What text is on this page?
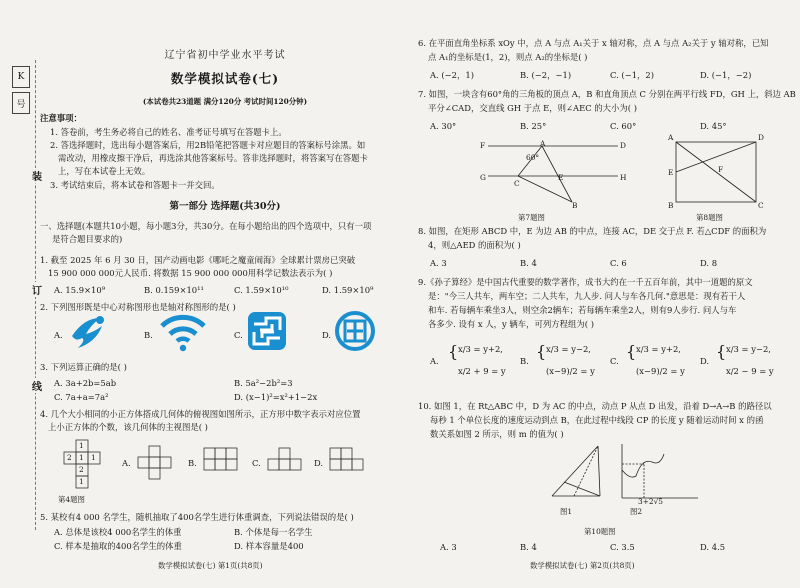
K
号
装
订
线
辽宁省初中学业水平考试
数学模拟试卷(七)
(本试卷共23道题 满分120分 考试时间120分钟)
注意事项：
1. 答卷前，考生务必将自己的姓名、准考证号填写在答题卡上。
2. 答选择题时，选出每小题答案后，用2B铅笔把答题卡对应题目的答案标号涂黑。如
需改动，用橡皮擦干净后，再选涂其他答案标号。答非选择题时，将答案写在答题卡
上，写在本试卷上无效。
3. 考试结束后，将本试卷和答题卡一并交回。
第一部分 选择题(共30分)
一、选择题(本题共10小题，每小题3分，共30分。在每小题给出的四个选项中，只有一项
是符合题目要求的)
1. 截至 2025 年 6 月 30 日，国产动画电影《哪吒之魔童闹海》全球累计票房已突破
15 900 000 000元人民币. 将数据 15 900 000 000用科学记数法表示为( )
A. 15.9×10⁹	B. 0.159×10¹¹	C. 1.59×10¹⁰	D. 1.59×10⁹
2. 下列图形既是中心对称图形也是轴对称图形的是( )
A.	B.	C.	D.
3. 下列运算正确的是( )
A. 3a+2b=5ab	B. 5a²−2b²=3
C. 7a+a=7a²	D. (x−1)²=x²+1−2x
4. 几个大小相同的小正方体搭成几何体的俯视图如图所示，正方形中数字表示对应位置
上小正方体的个数，该几何体的主视图是( )
1
2 1 1
2
1
第4题图
A.	B.	C.	D.
5. 某校有4 000 名学生，随机抽取了400名学生进行体重调查，下列说法错误的是( )
A. 总体是该校4 000名学生的体重	B. 个体是每一名学生
C. 样本是抽取的400名学生的体重	D. 样本容量是400
数学模拟试卷(七) 第1页(共8页)
6. 在平面直角坐标系 xOy 中，点 A 与点 A₁关于 x 轴对称，点 A 与点 A₂关于 y 轴对称，已知
点 A₁的坐标是(1，2)，则点 A₂的坐标是( )
A. (−2，1)	B. (−2，−1)	C. (−1，2)	D. (−1，−2)
7. 如图，一块含有60°角的三角板的顶点 A，B 和直角顶点 C 分别在两平行线 FD，GH 上，斜边 AB
平分∠CAD，交直线 GH 于点 E，则∠AEC 的大小为( )
A. 30°	B. 25°	C. 60°	D. 45°
F	A	D
G
C
E	H
B
60°
第7题图
A	D
E	F
B	C
第8题图
8. 如图，在矩形 ABCD 中，E 为边 AB 的中点，连接 AC，DE 交于点 F. 若△CDF 的面积为
4，则△AED 的面积为( )
A. 3	B. 4	C. 6	D. 8
9.《孙子算经》是中国古代重要的数学著作，成书大约在一千五百年前，其中一道题的原文
是："今三人共车，两车空；二人共车，九人步. 问人与车各几何."意思是：现有若干人
和车. 若每辆车乘坐3人，则空余2辆车；若每辆车乘坐2人，则有9人步行. 问人与车
各多少. 设有 x 人，y 辆车，可列方程组为( )
A. { x/3 = y+2,
x/2 + 9 = y
B. { x/3 = y−2,
(x−9)/2 = y
C. { x/3 = y+2,
(x−9)/2 = y
D. { x/3 = y−2,
x/2 − 9 = y
10. 如图 1，在 Rt△ABC 中，D 为 AC 的中点，动点 P 从点 D 出发，沿着 D→A→B 的路径以
每秒 1 个单位长度的速度运动到点 B，在此过程中线段 CP 的长度 y 随着运动时间 x 的函
数关系如图 2 所示，则 m 的值为( )
图1
3+2√5
图2
第10题图
A. 3	B. 4	C. 3.5	D. 4.5
数学模拟试卷(七) 第2页(共8页)
